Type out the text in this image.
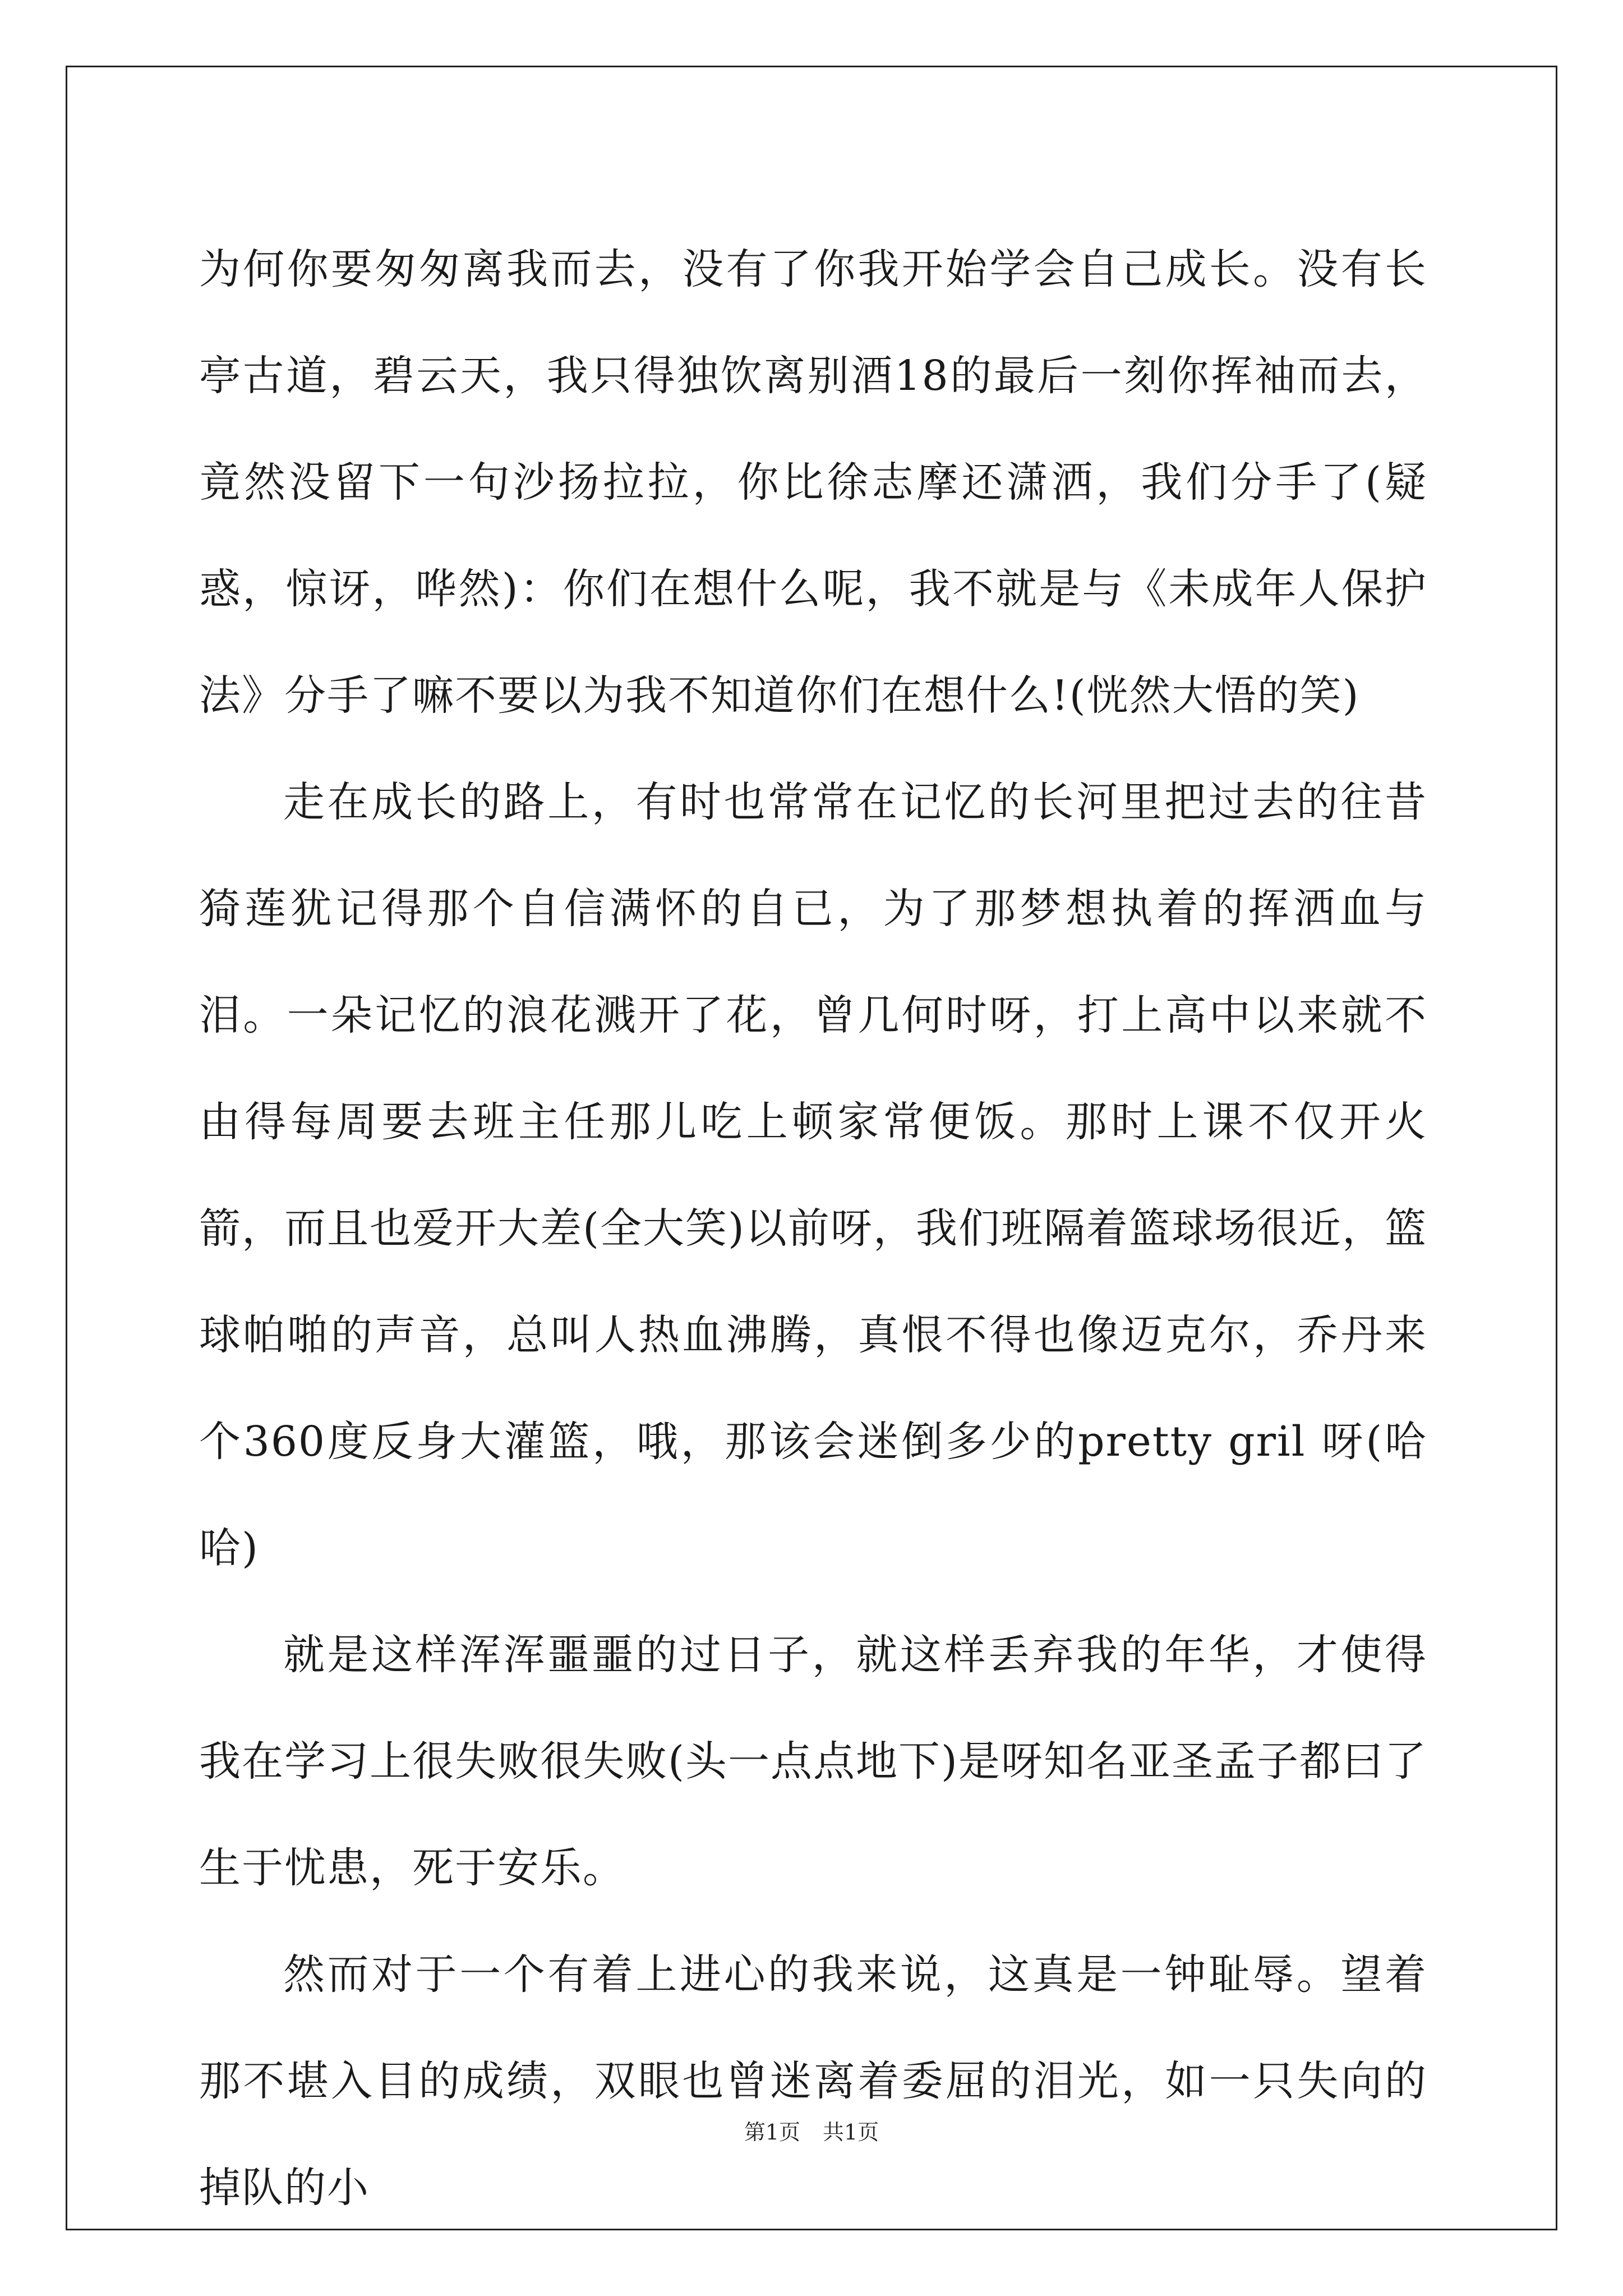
为何你要匆匆离我而去，没有了你我开始学会自己成长。没有长亭古道，碧云天，我只得独饮离别酒18的最后一刻你挥袖而去，竟然没留下一句沙扬拉拉，你比徐志摩还潇洒，我们分手了(疑惑，惊讶，哗然)：你们在想什么呢，我不就是与《未成年人保护法》分手了嘛不要以为我不知道你们在想什么!(恍然大悟的笑)

走在成长的路上，有时也常常在记忆的长河里把过去的往昔猗莲犹记得那个自信满怀的自已，为了那梦想执着的挥洒血与泪。一朵记忆的浪花溅开了花，曾几何时呀，打上高中以来就不由得每周要去班主任那儿吃上顿家常便饭。那时上课不仅开火箭，而且也爱开大差(全大笑)以前呀，我们班隔着篮球场很近，篮球帕啪的声音，总叫人热血沸腾，真恨不得也像迈克尔，乔丹来个360度反身大灌篮，哦，那该会迷倒多少的pretty gril 呀(哈哈)

就是这样浑浑噩噩的过日子，就这样丢弃我的年华，才使得我在学习上很失败很失败(头一点点地下)是呀知名亚圣孟子都曰了生于忧患，死于安乐。

然而对于一个有着上进心的我来说，这真是一钟耻辱。望着那不堪入目的成绩，双眼也曾迷离着委屈的泪光，如一只失向的掉队的小

第1页 共1页
